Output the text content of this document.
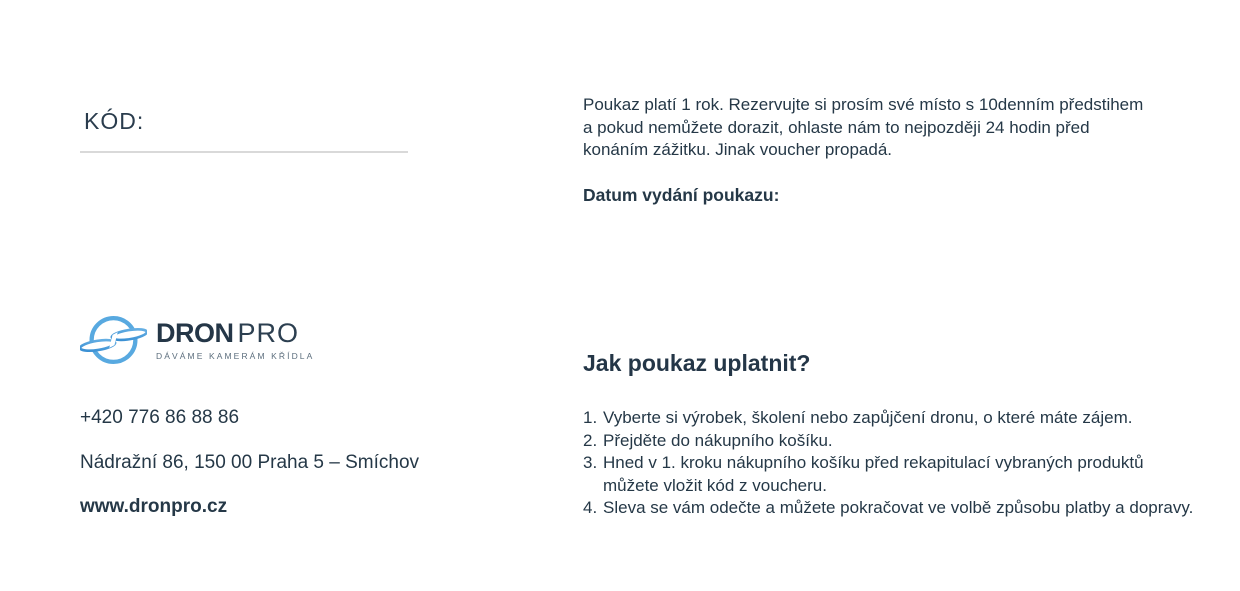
KÓD:
DRON PRO
DÁVÁME KAMERÁM KŘÍDLA
+420 776 86 88 86
Nádražní 86, 150 00 Praha 5 – Smíchov
www.dronpro.cz
Poukaz platí 1 rok. Rezervujte si prosím své místo s 10denním předstihem
a pokud nemůžete dorazit, ohlaste nám to nejpozději 24 hodin před
konáním zážitku. Jinak voucher propadá.
Datum vydání poukazu:
Jak poukaz uplatnit?
1. Vyberte si výrobek, školení nebo zapůjčení dronu, o které máte zájem.
2. Přejděte do nákupního košíku.
3. Hned v 1. kroku nákupního košíku před rekapitulací vybraných produktů můžete vložit kód z voucheru.
4. Sleva se vám odečte a můžete pokračovat ve volbě způsobu platby a dopravy.
